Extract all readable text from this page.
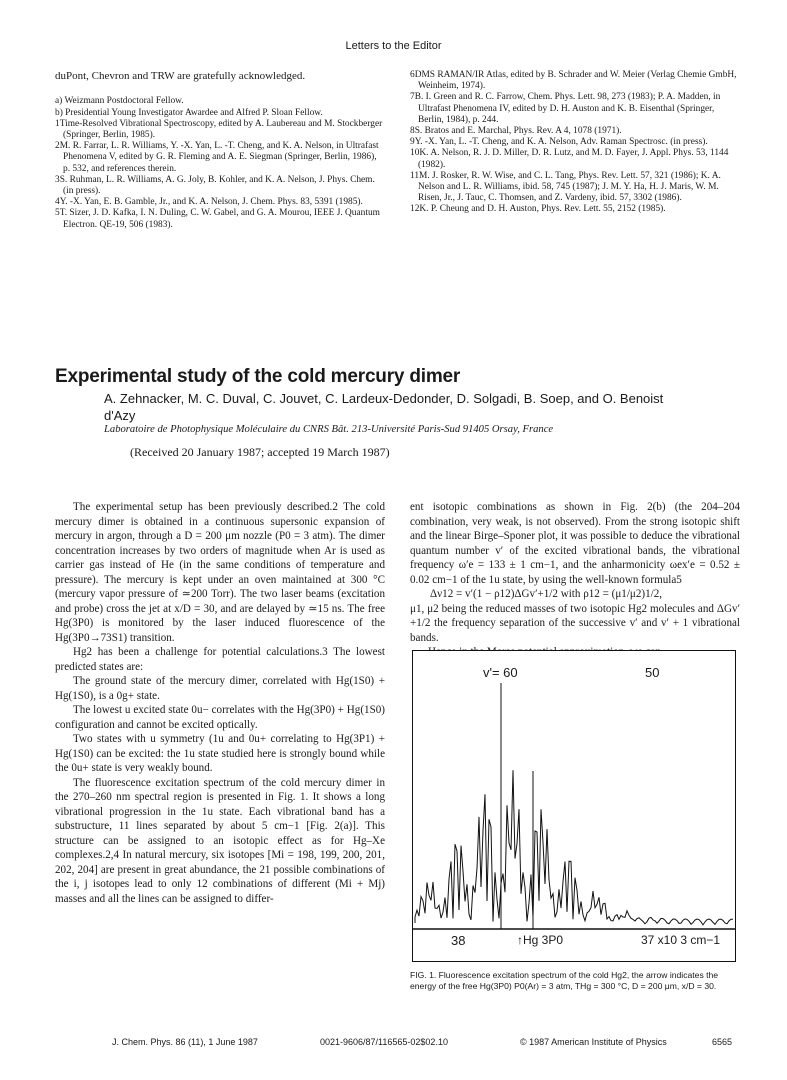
Letters to the Editor
duPont, Chevron and TRW are gratefully acknowledged.

a) Weizmann Postdoctoral Fellow.

b) Presidential Young Investigator Awardee and Alfred P. Sloan Fellow.

1Time-Resolved Vibrational Spectroscopy, edited by A. Laubereau and M. Stockberger (Springer, Berlin, 1985).

2M. R. Farrar, L. R. Williams, Y. -X. Yan, L. -T. Cheng, and K. A. Nelson, in Ultrafast Phenomena V, edited by G. R. Fleming and A. E. Siegman (Springer, Berlin, 1986), p. 532, and references therein.

3S. Ruhman, L. R. Williams, A. G. Joly, B. Kohler, and K. A. Nelson, J. Phys. Chem. (in press).

4Y. -X. Yan, E. B. Gamble, Jr., and K. A. Nelson, J. Chem. Phys. 83, 5391 (1985).

5T. Sizer, J. D. Kafka, I. N. Duling, C. W. Gabel, and G. A. Mourou, IEEE J. Quantum Electron. QE-19, 506 (1983).

6DMS RAMAN/IR Atlas, edited by B. Schrader and W. Meier (Verlag Chemie GmbH, Weinheim, 1974).

7B. I. Green and R. C. Farrow, Chem. Phys. Lett. 98, 273 (1983); P. A. Madden, in Ultrafast Phenomena IV, edited by D. H. Auston and K. B. Eisenthal (Springer, Berlin, 1984), p. 244.

8S. Bratos and E. Marchal, Phys. Rev. A 4, 1078 (1971).

9Y. -X. Yan, L. -T. Cheng, and K. A. Nelson, Adv. Raman Spectrosc. (in press).

10K. A. Nelson, R. J. D. Miller, D. R. Lutz, and M. D. Fayer, J. Appl. Phys. 53, 1144 (1982).

11M. J. Rosker, R. W. Wise, and C. L. Tang, Phys. Rev. Lett. 57, 321 (1986); K. A. Nelson and L. R. Williams, ibid. 58, 745 (1987); J. M. Y. Ha, H. J. Maris, W. M. Risen, Jr., J. Tauc, C. Thomsen, and Z. Vardeny, ibid. 57, 3302 (1986).

12K. P. Cheung and D. H. Auston, Phys. Rev. Lett. 55, 2152 (1985).

Experimental study of the cold mercury dimer
A. Zehnacker, M. C. Duval, C. Jouvet, C. Lardeux-Dedonder, D. Solgadi, B. Soep, and O. Benoist d'Azy
Laboratoire de Photophysique Moléculaire du CNRS Bât. 213-Université Paris-Sud 91405 Orsay, France
(Received 20 January 1987; accepted 19 March 1987)

The experimental setup has been previously described.2 The cold mercury dimer is obtained in a continuous supersonic expansion of mercury in argon, through a D = 200 μm nozzle (P0 = 3 atm). The dimer concentration increases by two orders of magnitude when Ar is used as carrier gas instead of He (in the same conditions of temperature and pressure). The mercury is kept under an oven maintained at 300 °C (mercury vapor pressure of ≃200 Torr). The two laser beams (excitation and probe) cross the jet at x/D = 30, and are delayed by ≃15 ns. The free Hg(3P0) is monitored by the laser induced fluorescence of the Hg(3P0→73S1) transition.

Hg2 has been a challenge for potential calculations.3 The lowest predicted states are:

The ground state of the mercury dimer, correlated with Hg(1S0) + Hg(1S0), is a 0g+ state.

The lowest u excited state 0u− correlates with the Hg(3P0) + Hg(1S0) configuration and cannot be excited optically.

Two states with u symmetry (1u and 0u+ correlating to Hg(3P1) + Hg(1S0) can be excited: the 1u state studied here is strongly bound while the 0u+ state is very weakly bound.

The fluorescence excitation spectrum of the cold mercury dimer in the 270–260 nm spectral region is presented in Fig. 1. It shows a long vibrational progression in the 1u state. Each vibrational band has a substructure, 11 lines separated by about 5 cm−1 [Fig. 2(a)]. This structure can be assigned to an isotopic effect as for Hg–Xe complexes.2,4 In natural mercury, six isotopes [Mi = 198, 199, 200, 201, 202, 204] are present in great abundance, the 21 possible combinations of the i, j isotopes lead to only 12 combinations of different (Mi + Mj) masses and all the lines can be assigned to differ-

ent isotopic combinations as shown in Fig. 2(b) (the 204–204 combination, very weak, is not observed). From the strong isotopic shift and the linear Birge–Sponer plot, it was possible to deduce the vibrational quantum number v′ of the excited vibrational bands, the vibrational frequency ω′e = 133 ± 1 cm−1, and the anharmonicity ωex′e = 0.52 ± 0.02 cm−1 of the 1u state, by using the well-known formula5

Δν12 = v′(1 − ρ12)ΔGv′+1/2 with ρ12 = (μ1/μ2)1/2,

μ1, μ2 being the reduced masses of two isotopic Hg2 molecules and ΔGv′+1/2 the frequency separation of the successive v′ and v′ + 1 vibrational bands.

v'= 60	50
38	↑Hg 3P0	37 x10 3 cm−1
FIG. 1. Fluorescence excitation spectrum of the cold Hg2, the arrow indicates the energy of the free Hg(3P0) P0(Ar) = 3 atm, THg = 300 °C, D = 200 μm, x/D = 30.
J. Chem. Phys. 86 (11), 1 June 1987	0021-9606/87/116565-02$02.10	© 1987 American Institute of Physics	6565
